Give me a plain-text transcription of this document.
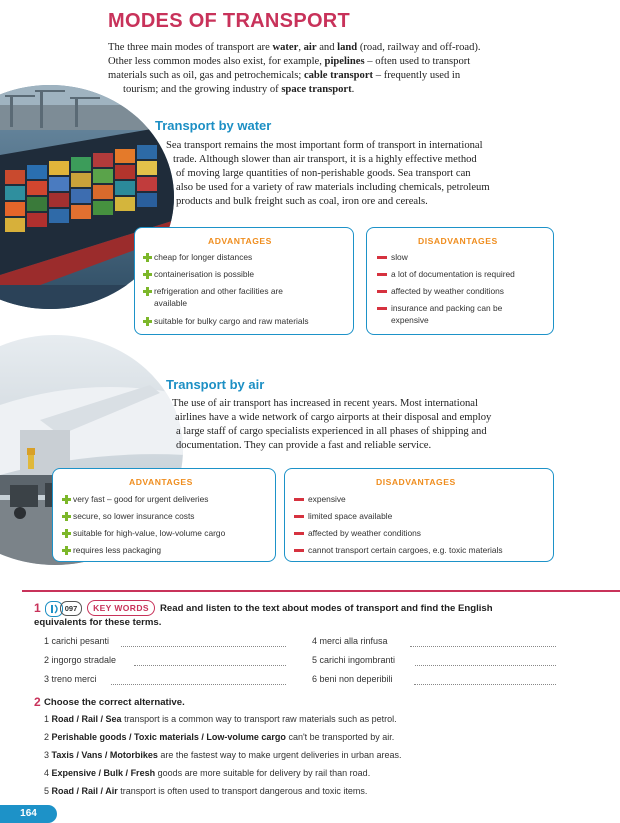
MODES OF TRANSPORT
The three main modes of transport are water, air and land (road, railway and off-road).
Other less common modes also exist, for example, pipelines – often used to transport
materials such as oil, gas and petrochemicals; cable transport – frequently used in
tourism; and the growing industry of space transport.
Transport by water
Sea transport remains the most important form of transport in international
trade. Although slower than air transport, it is a highly effective method
of moving large quantities of non-perishable goods. Sea transport can
also be used for a variety of raw materials including chemicals, petroleum
products and bulk freight such as coal, iron ore and cereals.
ADVANTAGES
cheap for longer distances
containerisation is possible
refrigeration and other facilities are
available
suitable for bulky cargo and raw materials
DISADVANTAGES
slow
a lot of documentation is required
affected by weather conditions
insurance and packing can be
expensive
Transport by air
The use of air transport has increased in recent years. Most international
airlines have a wide network of cargo airports at their disposal and employ
a large staff of cargo specialists experienced in all phases of shipping and
documentation. They can provide a fast and reliable service.
ADVANTAGES
very fast – good for urgent deliveries
secure, so lower insurance costs
suitable for high-value, low-volume cargo
requires less packaging
DISADVANTAGES
expensive
limited space available
affected by weather conditions
cannot transport certain cargoes, e.g. toxic materials
1	097	KEY WORDS	Read and listen to the text about modes of transport and find the English
equivalents for these terms.
1 carichi pesanti
2 ingorgo stradale
3 treno merci
4 merci alla rinfusa
5 carichi ingombranti
6 beni non deperibili
2 Choose the correct alternative.
1 Road / Rail / Sea transport is a common way to transport raw materials such as petrol.
2 Perishable goods / Toxic materials / Low-volume cargo can't be transported by air.
3 Taxis / Vans / Motorbikes are the fastest way to make urgent deliveries in urban areas.
4 Expensive / Bulk / Fresh goods are more suitable for delivery by rail than road.
5 Road / Rail / Air transport is often used to transport dangerous and toxic items.
164
